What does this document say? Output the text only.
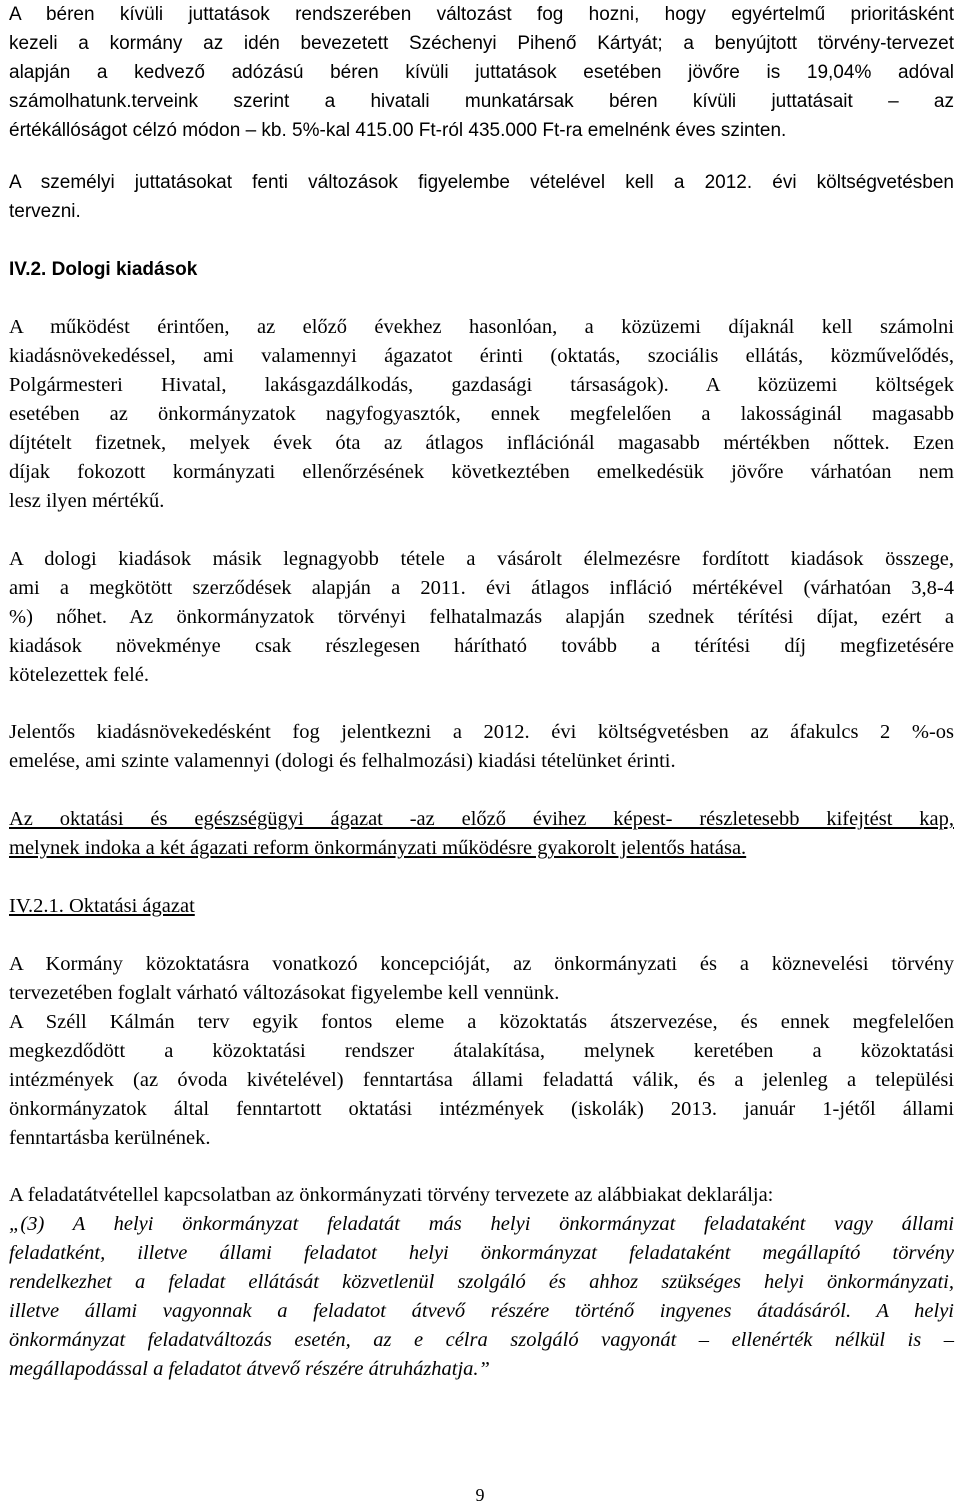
A béren kívüli juttatások rendszerében változást fog hozni, hogy egyértelmű prioritásként
kezeli a kormány az idén bevezetett Széchenyi Pihenő Kártyát; a benyújtott törvény-tervezet
alapján a kedvező adózású béren kívüli juttatások esetében jövőre is 19,04% adóval
számolhatunk.terveink szerint a hivatali munkatársak béren kívüli juttatásait – az
értékállóságot célzó módon – kb. 5%-kal 415.00 Ft-ról 435.000 Ft-ra emelnénk éves szinten.
A személyi juttatásokat fenti változások figyelembe vételével kell a 2012. évi költségvetésben
tervezni.
IV.2. Dologi kiadások
A működést érintően, az előző évekhez hasonlóan, a közüzemi díjaknál kell számolni
kiadásnövekedéssel, ami valamennyi ágazatot érinti (oktatás, szociális ellátás, közművelődés,
Polgármesteri Hivatal, lakásgazdálkodás, gazdasági társaságok). A közüzemi költségek
esetében az önkormányzatok nagyfogyasztók, ennek megfelelően a lakosságinál magasabb
díjtételt fizetnek, melyek évek óta az átlagos inflációnál magasabb mértékben nőttek. Ezen
díjak fokozott kormányzati ellenőrzésének következtében emelkedésük jövőre várhatóan nem
lesz ilyen mértékű.
A dologi kiadások másik legnagyobb tétele a vásárolt élelmezésre fordított kiadások összege,
ami a megkötött szerződések alapján a 2011. évi átlagos infláció mértékével (várhatóan 3,8-4
%) nőhet. Az önkormányzatok törvényi felhatalmazás alapján szednek térítési díjat, ezért a
kiadások növekménye csak részlegesen hárítható tovább a térítési díj megfizetésére
kötelezettek felé.
Jelentős kiadásnövekedésként fog jelentkezni a 2012. évi költségvetésben az áfakulcs 2 %-os
emelése, ami szinte valamennyi (dologi és felhalmozási) kiadási tételünket érinti.
Az oktatási és egészségügyi ágazat -az előző évihez képest- részletesebb kifejtést kap,
melynek indoka a két ágazati reform önkormányzati működésre gyakorolt jelentős hatása.
IV.2.1. Oktatási ágazat
A Kormány közoktatásra vonatkozó koncepcióját, az önkormányzati és a köznevelési törvény
tervezetében foglalt várható változásokat figyelembe kell vennünk.
A Széll Kálmán terv egyik fontos eleme a közoktatás átszervezése, és ennek megfelelően
megkezdődött a közoktatási rendszer átalakítása, melynek keretében a közoktatási
intézmények (az óvoda kivételével) fenntartása állami feladattá válik, és a jelenleg a települési
önkormányzatok által fenntartott oktatási intézmények (iskolák) 2013. január 1-jétől állami
fenntartásba kerülnének.
A feladatátvétellel kapcsolatban az önkormányzati törvény tervezete az alábbiakat deklarálja:
„(3) A helyi önkormányzat feladatát más helyi önkormányzat feladataként vagy állami
feladatként, illetve állami feladatot helyi önkormányzat feladataként megállapító törvény
rendelkezhet a feladat ellátását közvetlenül szolgáló és ahhoz szükséges helyi önkormányzati,
illetve állami vagyonnak a feladatot átvevő részére történő ingyenes átadásáról. A helyi
önkormányzat feladatváltozás esetén, az e célra szolgáló vagyonát – ellenérték nélkül is –
megállapodással a feladatot átvevő részére átruházhatja.”
9
